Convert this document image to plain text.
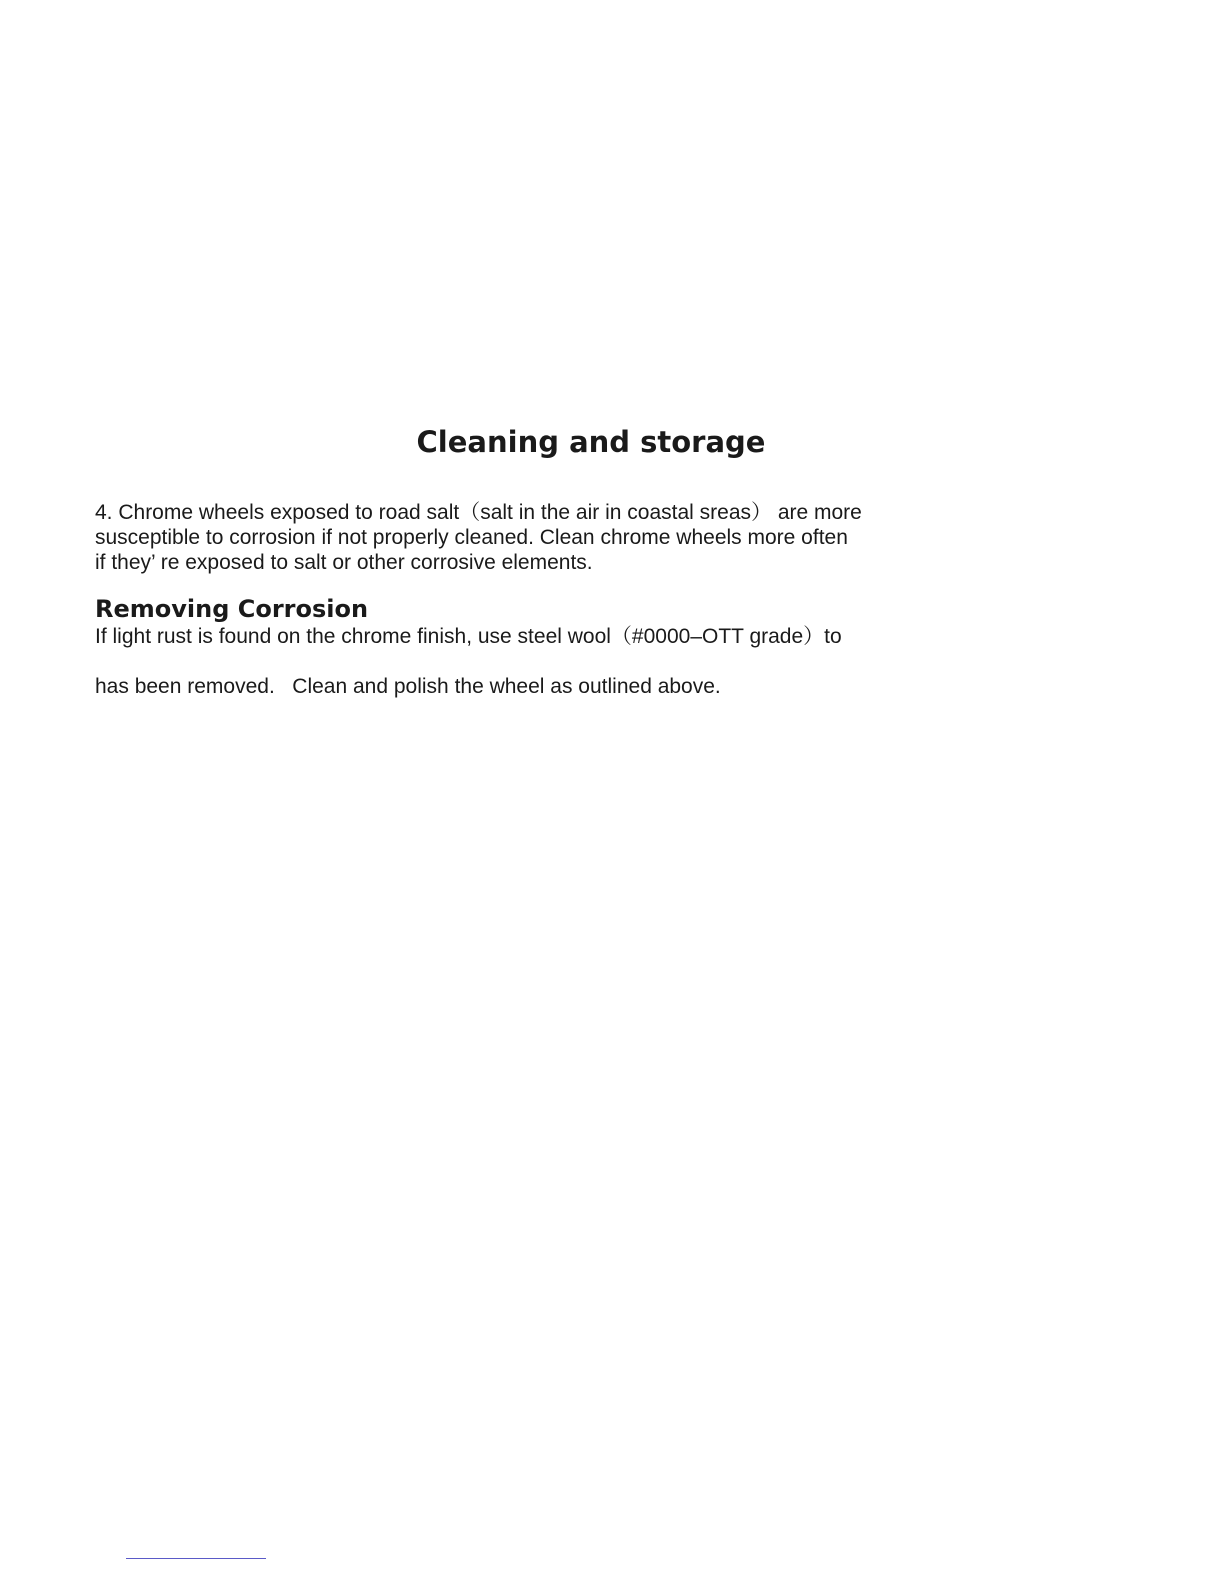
Cleaning and storage

4. Chrome wheels exposed to road salt（salt in the air in coastal sreas） are more
susceptible to corrosion if not properly cleaned. Clean chrome wheels more often
if they’ re exposed to salt or other corrosive elements.

Removing Corrosion

If light rust is found on the chrome finish, use steel wool（#0000–OTT grade）to

has been removed.   Clean and polish the wheel as outlined above.
